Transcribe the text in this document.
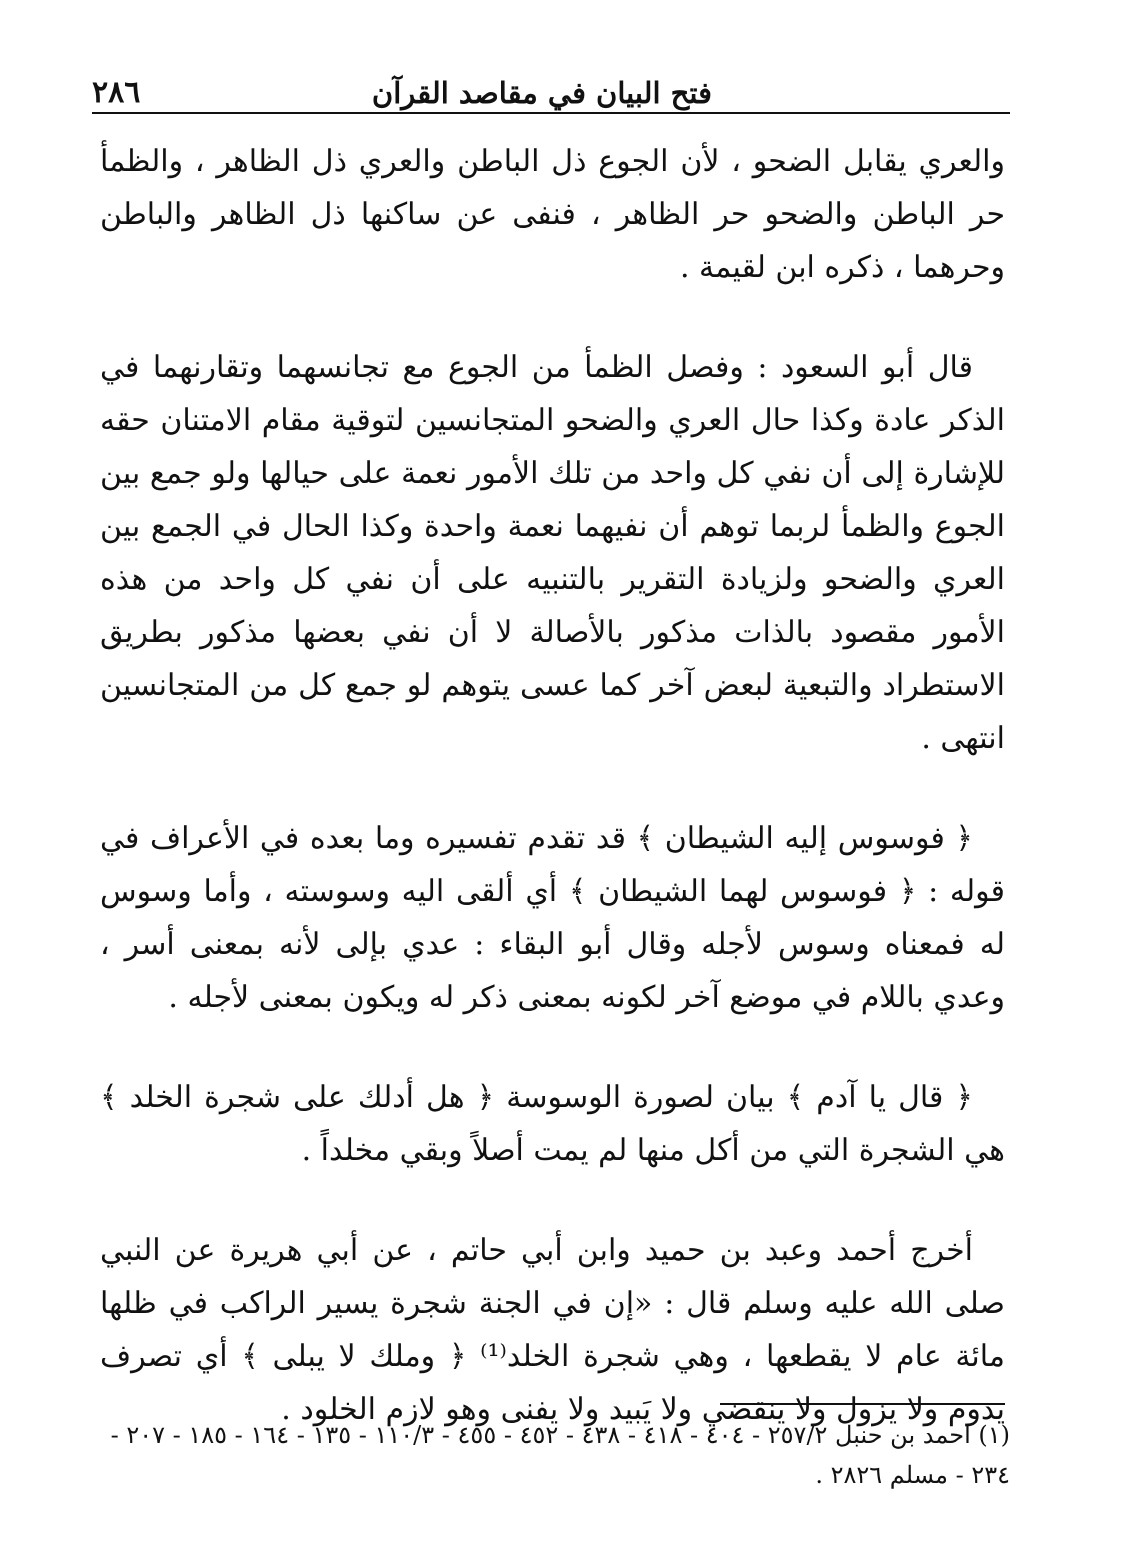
٢٨٦	فتح البيان في مقاصد القرآن

والعري يقابل الضحو ، لأن الجوع ذل الباطن والعري ذل الظاهر ، والظمأ حر الباطن والضحو حر الظاهر ، فنفى عن ساكنها ذل الظاهر والباطن وحرهما ، ذكره ابن لقيمة .

قال أبو السعود : وفصل الظمأ من الجوع مع تجانسهما وتقارنهما في الذكر عادة وكذا حال العري والضحو المتجانسين لتوقية مقام الامتنان حقه للإشارة إلى أن نفي كل واحد من تلك الأمور نعمة على حيالها ولو جمع بين الجوع والظمأ لربما توهم أن نفيهما نعمة واحدة وكذا الحال في الجمع بين العري والضحو ولزيادة التقرير بالتنبيه على أن نفي كل واحد من هذه الأمور مقصود بالذات مذكور بالأصالة لا أن نفي بعضها مذكور بطريق الاستطراد والتبعية لبعض آخر كما عسى يتوهم لو جمع كل من المتجانسين انتهى .

﴿ فوسوس إليه الشيطان ﴾ قد تقدم تفسيره وما بعده في الأعراف في قوله : ﴿ فوسوس لهما الشيطان ﴾ أي ألقى اليه وسوسته ، وأما وسوس له فمعناه وسوس لأجله وقال أبو البقاء : عدي بإلى لأنه بمعنى أسر ، وعدي باللام في موضع آخر لكونه بمعنى ذكر له ويكون بمعنى لأجله .

﴿ قال يا آدم ﴾ بيان لصورة الوسوسة ﴿ هل أدلك على شجرة الخلد ﴾ هي الشجرة التي من أكل منها لم يمت أصلاً وبقي مخلداً .

أخرج أحمد وعبد بن حميد وابن أبي حاتم ، عن أبي هريرة عن النبي صلى الله عليه وسلم قال : «إن في الجنة شجرة يسير الراكب في ظلها مائة عام لا يقطعها ، وهي شجرة الخلد⁽¹⁾ ﴿ وملك لا يبلى ﴾ أي تصرف يدوم ولا يزول ولا ينقضي ولا يَبيد ولا يفنى وهو لازم الخلود .

(١) احمد بن حنبل ٢٥٧/٢ - ٤٠٤ - ٤١٨ - ٤٣٨ - ٤٥٢ - ٤٥٥ - ١١٠/٣ - ١٣٥ - ١٦٤ - ١٨٥ - ٢٠٧ - ٢٣٤ - مسلم ٢٨٢٦ .
